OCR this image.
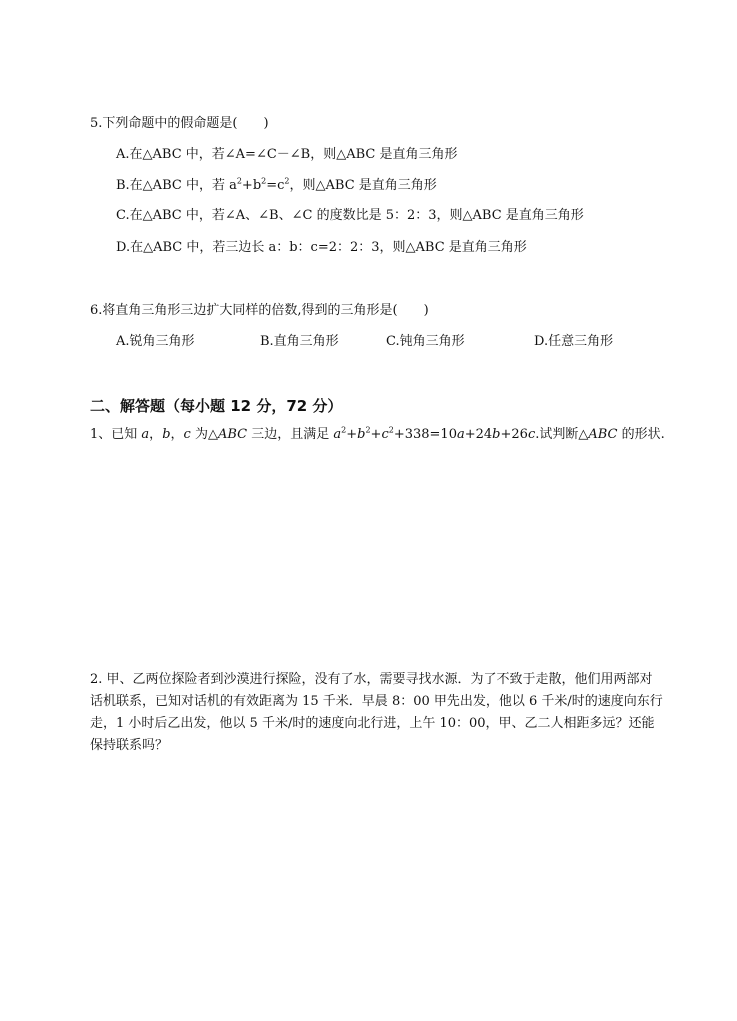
5.下列命题中的假命题是( )
A.在△ABC 中，若∠A=∠C－∠B，则△ABC 是直角三角形
B.在△ABC 中，若 $a^2+b^2=c^2$，则△ABC 是直角三角形
C.在△ABC 中，若∠A、∠B、∠C 的度数比是 5：2：3，则△ABC 是直角三角形
D.在△ABC 中，若三边长 a：b：c=2：2：3，则△ABC 是直角三角形
6.将直角三角形三边扩大同样的倍数,得到的三角形是( )
A.锐角三角形	B.直角三角形	C.钝角三角形	D.任意三角形
二、解答题（每小题 12 分，72 分）
1、已知 a，b，c 为△ABC 三边，且满足 $a^2+b^2+c^2+338=10a+24b+26c$.试判断△ABC 的形状.
2. 甲、乙两位探险者到沙漠进行探险，没有了水，需要寻找水源．为了不致于走散，他们用两部对话机联系，已知对话机的有效距离为 15 千米．早晨 8：00 甲先出发，他以 6 千米/时的速度向东行走，1 小时后乙出发，他以 5 千米/时的速度向北行进，上午 10：00，甲、乙二人相距多远？还能保持联系吗？
